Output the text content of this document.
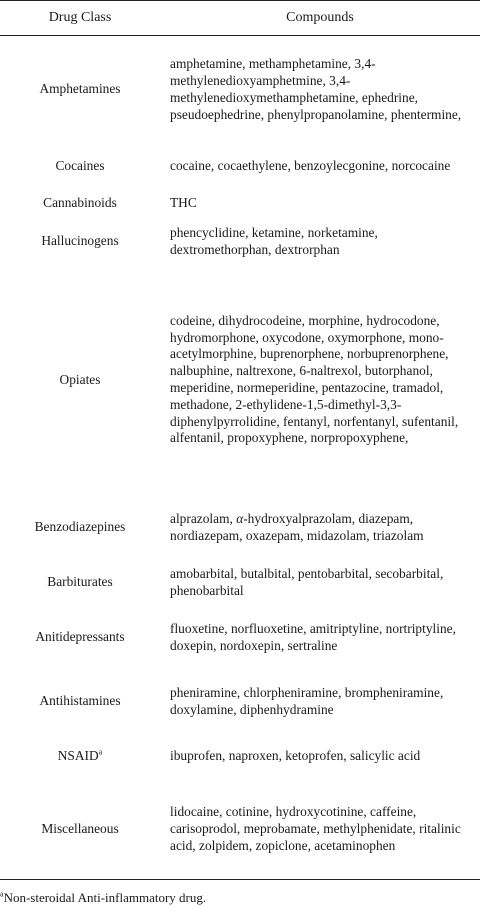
Drug Class	Compounds
Amphetamines	amphetamine, methamphetamine, 3,4-methylenedioxyamphetmine, 3,4-methylenedioxymethamphetamine, ephedrine, pseudoephedrine, phenylpropanolamine, phentermine,
Cocaines	cocaine, cocaethylene, benzoylecgonine, norcocaine
Cannabinoids	THC
Hallucinogens	phencyclidine, ketamine, norketamine, dextromethorphan, dextrorphan
Opiates	codeine, dihydrocodeine, morphine, hydrocodone, hydromorphone, oxycodone, oxymorphone, mono-acetylmorphine, buprenorphene, norbuprenorphene, nalbuphine, naltrexone, 6-naltrexol, butorphanol, meperidine, normeperidine, pentazocine, tramadol, methadone, 2-ethylidene-1,5-dimethyl-3,3-diphenylpyrrolidine, fentanyl, norfentanyl, sufentanil, alfentanil, propoxyphene, norpropoxyphene,
Benzodiazepines	alprazolam, α-hydroxyalprazolam, diazepam, nordiazepam, oxazepam, midazolam, triazolam
Barbiturates	amobarbital, butalbital, pentobarbital, secobarbital, phenobarbital
Anitidepressants	fluoxetine, norfluoxetine, amitriptyline, nortriptyline, doxepin, nordoxepin, sertraline
Antihistamines	pheniramine, chlorpheniramine, brompheniramine, doxylamine, diphenhydramine
NSAID$^a$	ibuprofen, naproxen, ketoprofen, salicylic acid
Miscellaneous	lidocaine, cotinine, hydroxycotinine, caffeine, carisoprodol, meprobamate, methylphenidate, ritalinic acid, zolpidem, zopiclone, acetaminophen
$^a$Non-steroidal Anti-inflammatory drug.
